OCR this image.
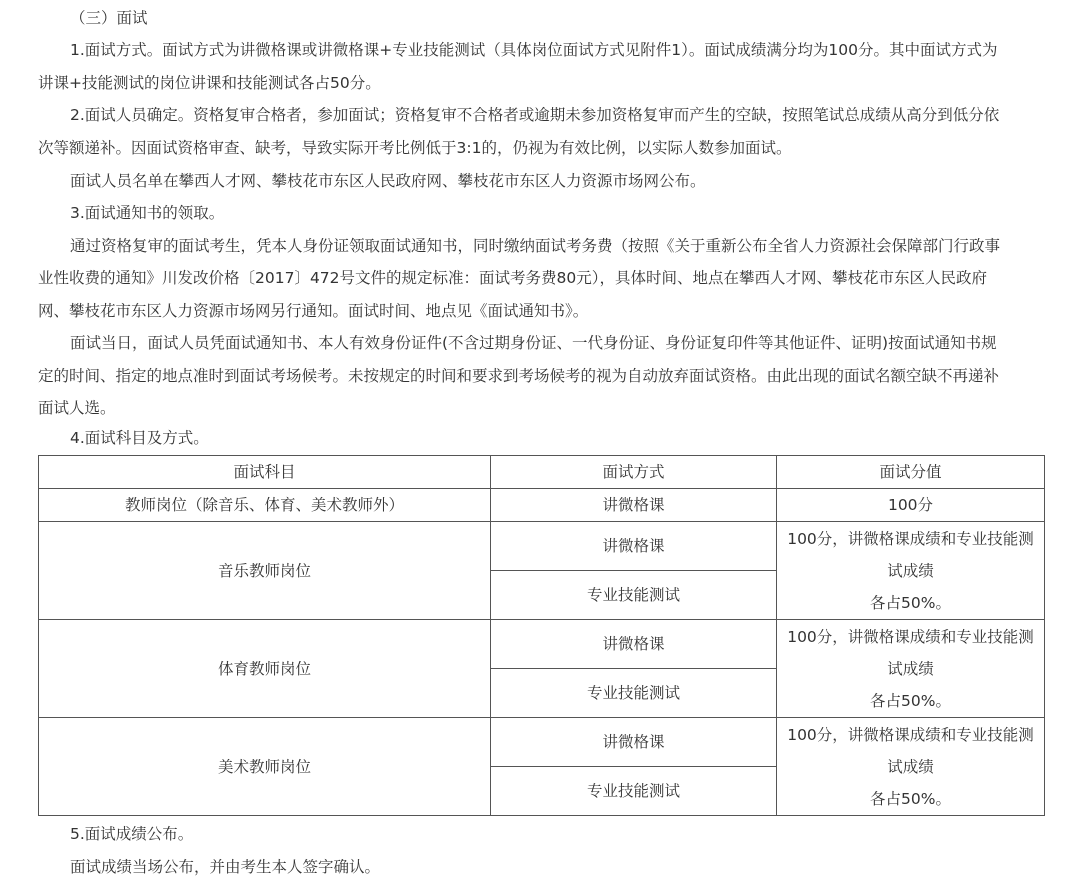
（三）面试
1.面试方式。面试方式为讲微格课或讲微格课+专业技能测试（具体岗位面试方式见附件1）。面试成绩满分均为100分。其中面试方式为
讲课+技能测试的岗位讲课和技能测试各占50分。
2.面试人员确定。资格复审合格者，参加面试；资格复审不合格者或逾期未参加资格复审而产生的空缺，按照笔试总成绩从高分到低分依
次等额递补。因面试资格审查、缺考，导致实际开考比例低于3:1的，仍视为有效比例，以实际人数参加面试。
面试人员名单在攀西人才网、攀枝花市东区人民政府网、攀枝花市东区人力资源市场网公布。
3.面试通知书的领取。
通过资格复审的面试考生，凭本人身份证领取面试通知书，同时缴纳面试考务费（按照《关于重新公布全省人力资源社会保障部门行政事
业性收费的通知》川发改价格〔2017〕472号文件的规定标准：面试考务费80元），具体时间、地点在攀西人才网、攀枝花市东区人民政府
网、攀枝花市东区人力资源市场网另行通知。面试时间、地点见《面试通知书》。
面试当日，面试人员凭面试通知书、本人有效身份证件(不含过期身份证、一代身份证、身份证复印件等其他证件、证明)按面试通知书规
定的时间、指定的地点准时到面试考场候考。未按规定的时间和要求到考场候考的视为自动放弃面试资格。由此出现的面试名额空缺不再递补
面试人选。
4.面试科目及方式。
面试科目	面试方式	面试分值
教师岗位（除音乐、体育、美术教师外）	讲微格课	100分
音乐教师岗位	讲微格课	100分，讲微格课成绩和专业技能测
试成绩
各占50%。

	专业技能测试	
体育教师岗位	讲微格课	100分，讲微格课成绩和专业技能测
试成绩
各占50%。

	专业技能测试	
美术教师岗位	讲微格课	100分，讲微格课成绩和专业技能测
试成绩
各占50%。

	专业技能测试	
5.面试成绩公布。
面试成绩当场公布，并由考生本人签字确认。
